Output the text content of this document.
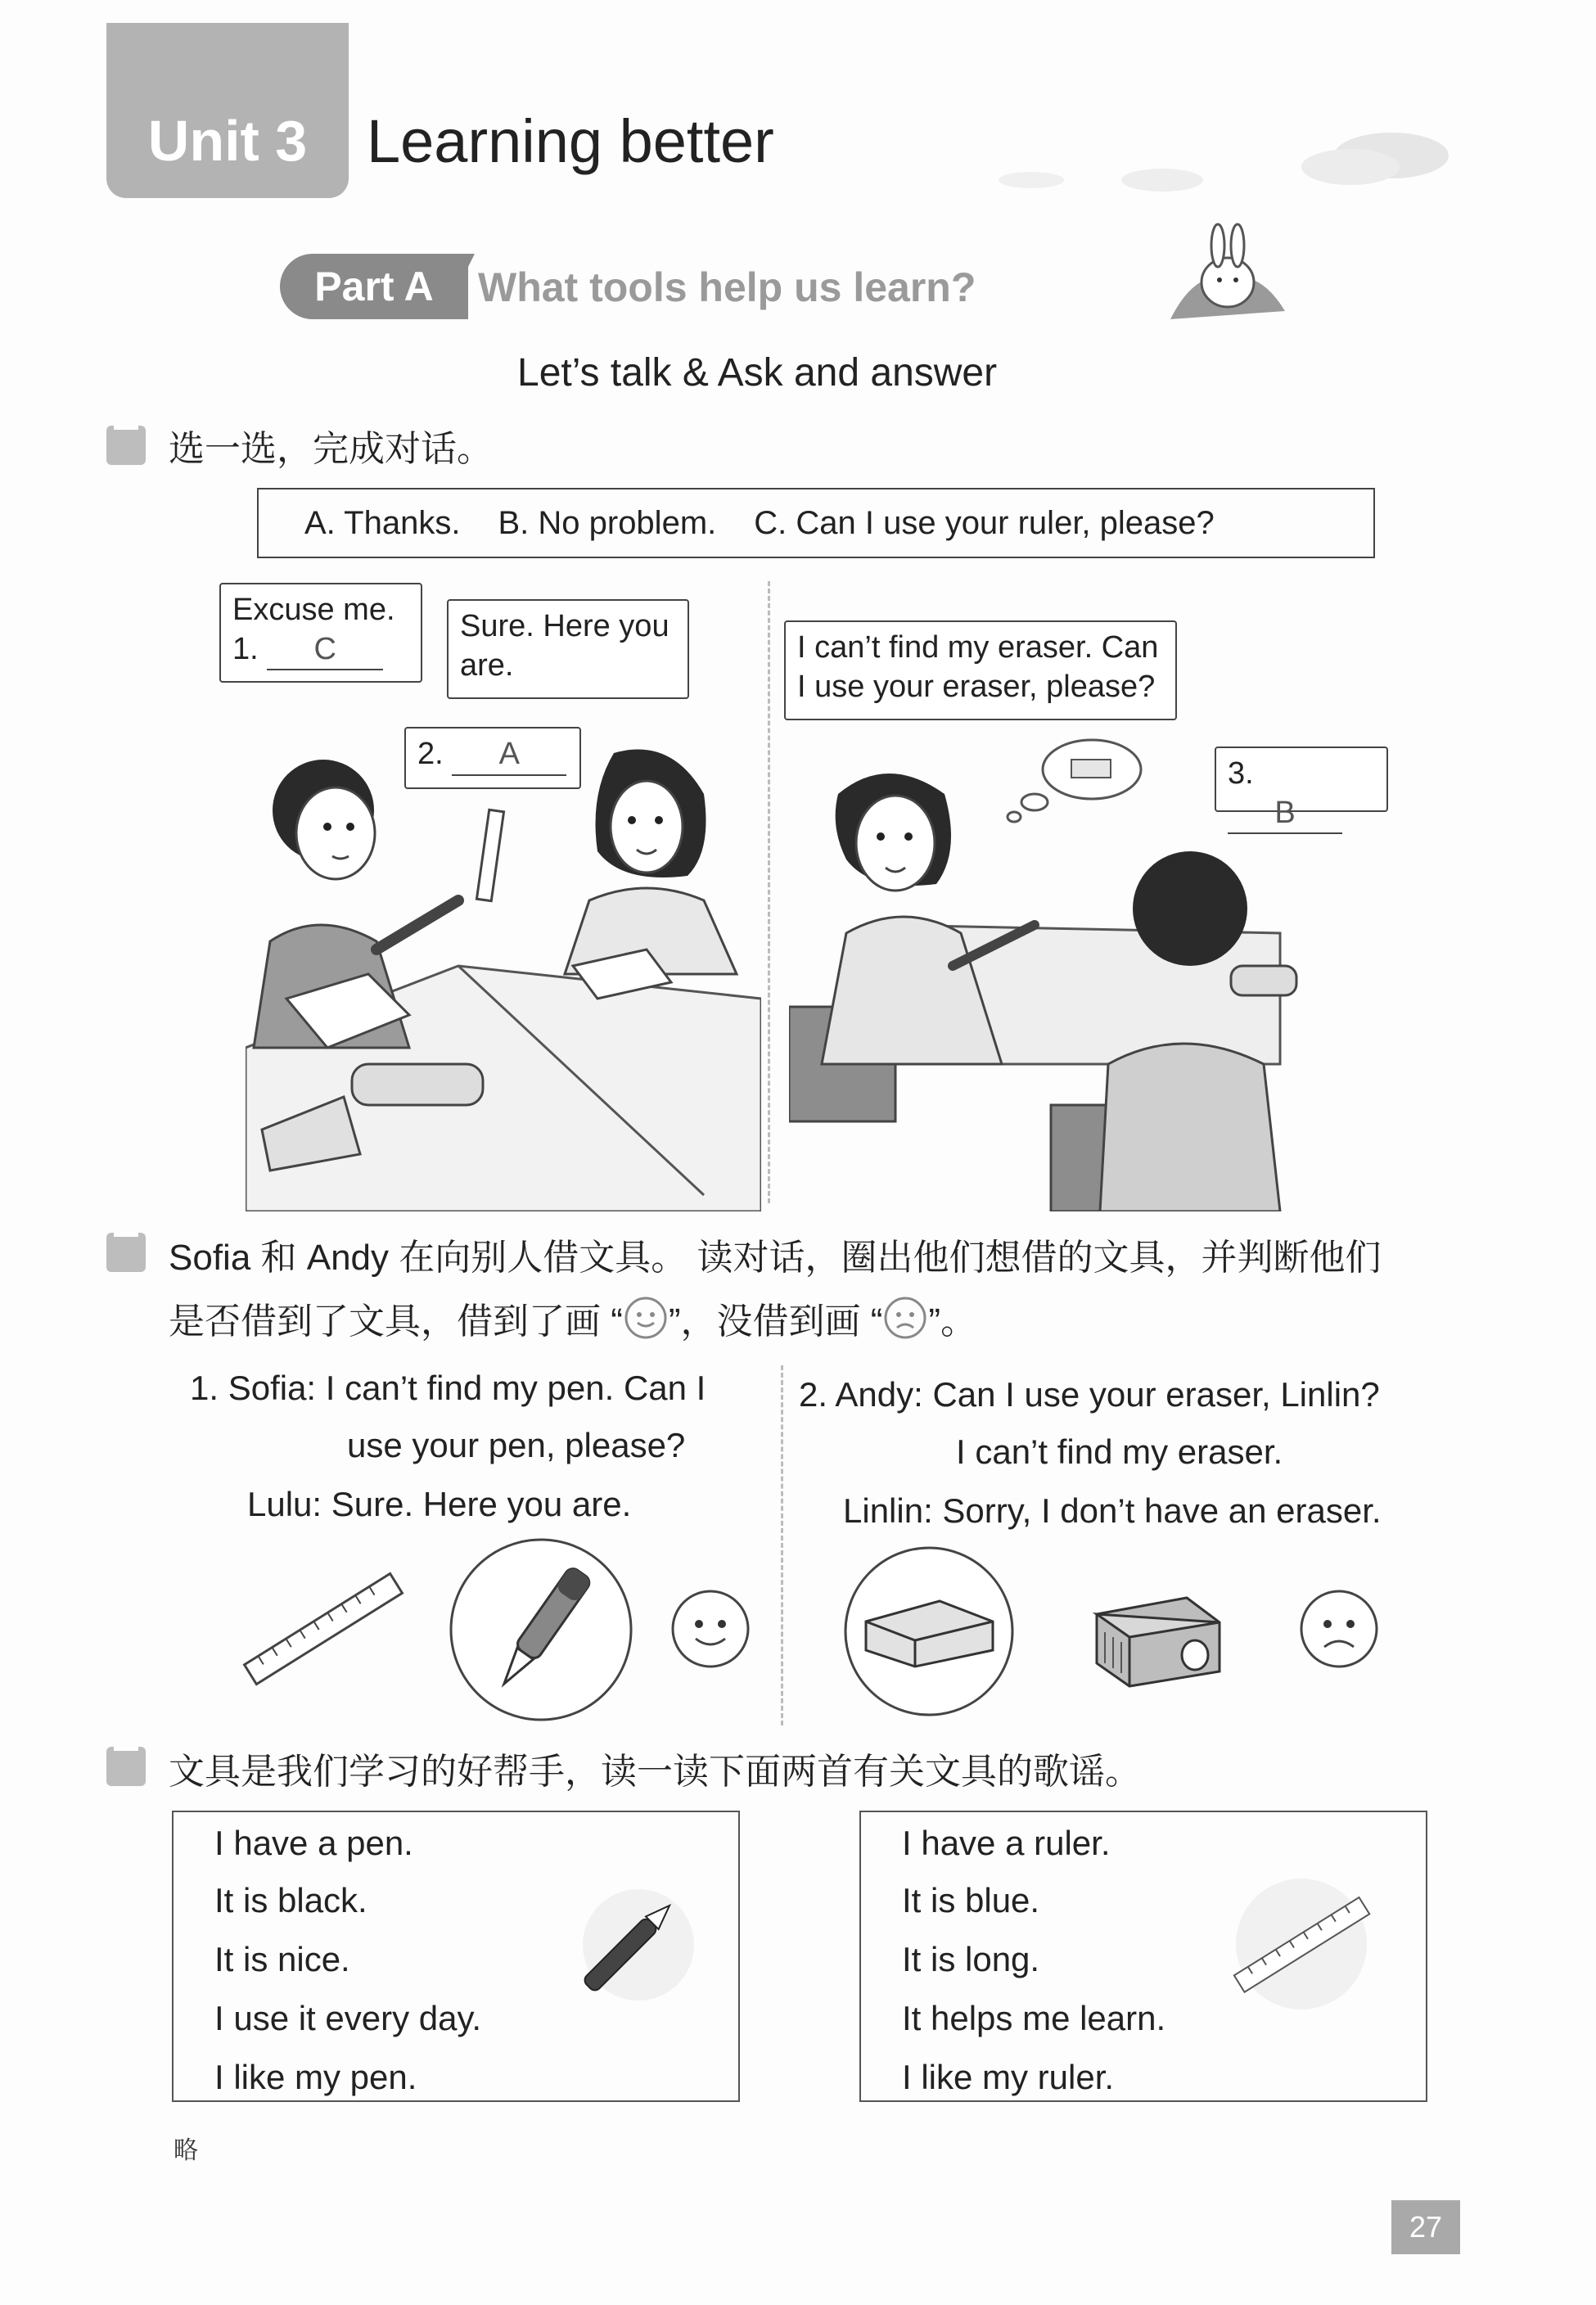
Unit 3 Learning better
Part A	What tools help us learn?
Let’s talk & Ask and answer
选一选，完成对话。
A. Thanks. B. No problem. C. Can I use your ruler, please?
Excuse me.
1. C
Sure. Here you are.
2. A
I can’t find my eraser. Can I use your eraser, please?
3. B
Sofia 和 Andy 在向别人借文具。 读对话，圈出他们想借的文具，并判断他们
是否借到了文具，借到了画 “ ”，没借到画 “ ”。
1. Sofia: I can’t find my pen. Can I
use your pen, please?
Lulu: Sure. Here you are.
2. Andy: Can I use your eraser, Linlin?
I can’t find my eraser.
Linlin: Sorry, I don’t have an eraser.
文具是我们学习的好帮手，读一读下面两首有关文具的歌谣。
I have a pen.
It is black.
It is nice.
I use it every day.
I like my pen.
I have a ruler.
It is blue.
It is long.
It helps me learn.
I like my ruler.
略
27
